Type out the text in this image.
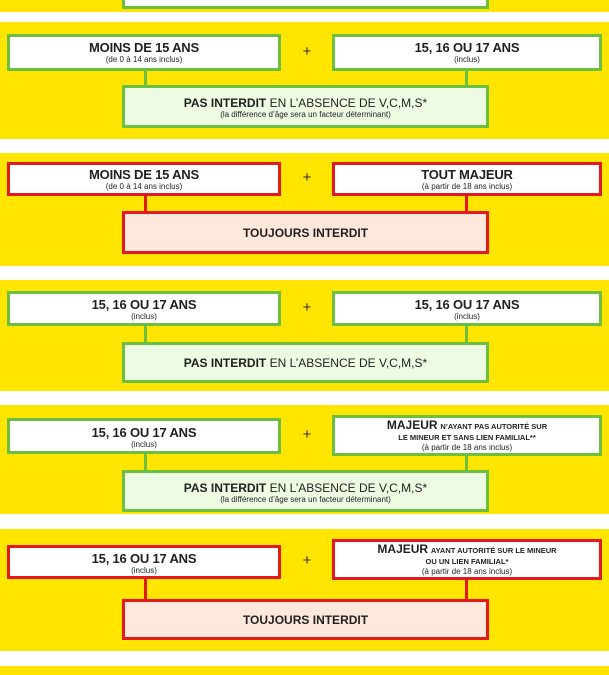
MOINS DE 15 ANS
(de 0 à 14 ans inclus)	+	15, 16 OU 17 ANS
(inclus)
PAS INTERDIT EN L’ABSENCE DE V,C,M,S*
(la différence d’âge sera un facteur déterminant)
MOINS DE 15 ANS
(de 0 à 14 ans inclus)
+	TOUT MAJEUR
(à partir de 18 ans inclus)
TOUJOURS INTERDIT
15, 16 OU 17 ANS
(inclus)
+	15, 16 OU 17 ANS
(inclus)
PAS INTERDIT EN L’ABSENCE DE V,C,M,S*
15, 16 OU 17 ANS
(inclus)
+
MAJEUR N’AYANT PAS AUTORITÉ SUR
LE MINEUR ET SANS LIEN FAMILIAL**
(à partir de 18 ans inclus)
PAS INTERDIT EN L’ABSENCE DE V,C,M,S*
(la différence d’âge sera un facteur déterminant)
15, 16 OU 17 ANS
(inclus)
+
MAJEUR AYANT AUTORITÉ SUR LE MINEUR
OU UN LIEN FAMILIAL*
(à partir de 18 ans inclus)
TOUJOURS INTERDIT
